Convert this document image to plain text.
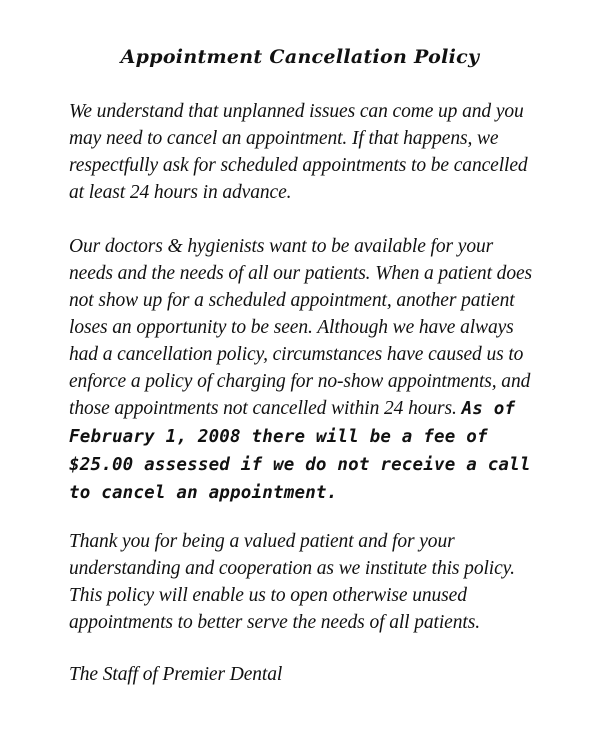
Appointment Cancellation Policy

We understand that unplanned issues can come up and you may need to cancel an appointment. If that happens, we respectfully ask for scheduled appointments to be cancelled at least 24 hours in advance.

Our doctors & hygienists want to be available for your needs and the needs of all our patients. When a patient does not show up for a scheduled appointment, another patient loses an opportunity to be seen. Although we have always had a cancellation policy, circumstances have caused us to enforce a policy of charging for no-show appointments, and those appointments not cancelled within 24 hours. As of February 1, 2008 there will be a fee of $25.00 assessed if we do not receive a call to cancel an appointment.

Thank you for being a valued patient and for your understanding and cooperation as we institute this policy. This policy will enable us to open otherwise unused appointments to better serve the needs of all patients.

The Staff of Premier Dental
